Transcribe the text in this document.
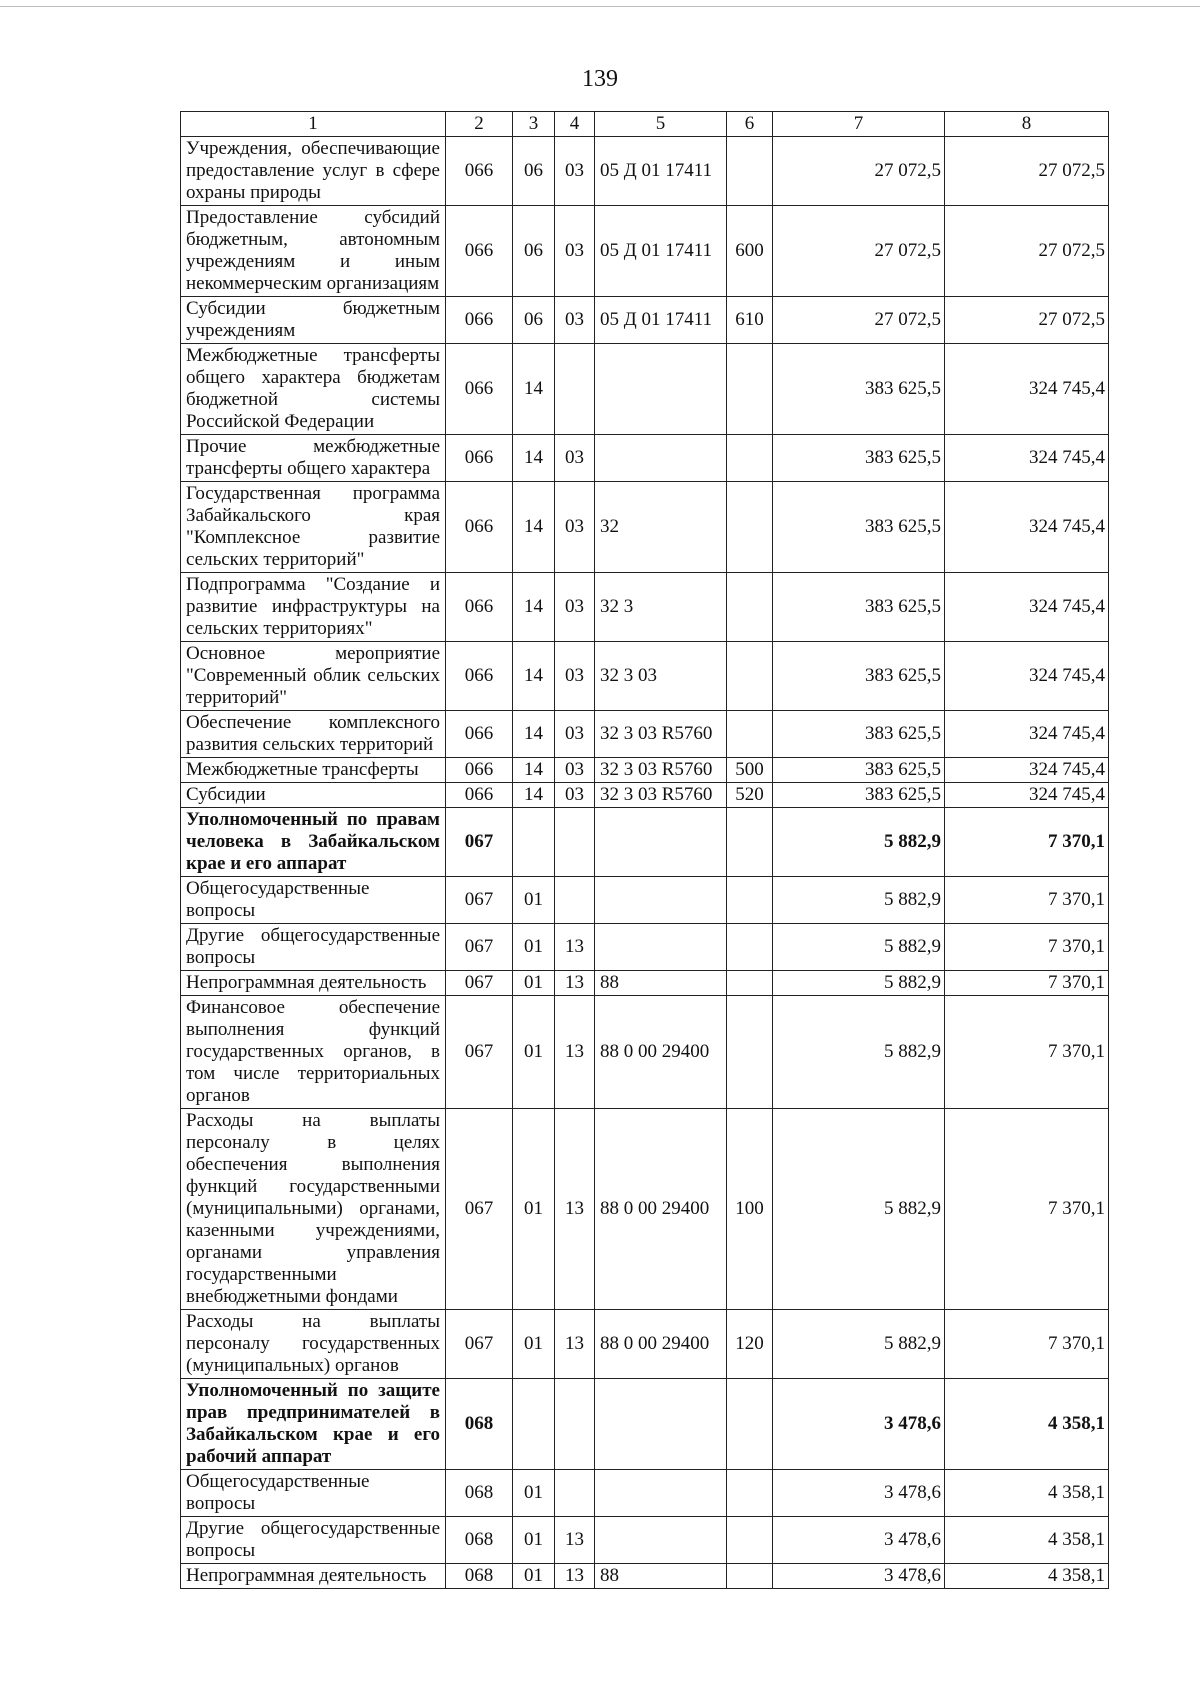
139
1	2	3	4	5	6	7	8
Учреждения, обеспечивающие предоставление услуг в сфере охраны природы	066	06	03	05 Д 01 17411		27 072,5	27 072,5
Предоставление субсидий бюджетным, автономным учреждениям и иным некоммерческим организациям	066	06	03	05 Д 01 17411	600	27 072,5	27 072,5
Субсидии бюджетным учреждениям	066	06	03	05 Д 01 17411	610	27 072,5	27 072,5
Межбюджетные трансферты общего характера бюджетам бюджетной системы Российской Федерации	066	14				383 625,5	324 745,4
Прочие межбюджетные трансферты общего характера	066	14	03			383 625,5	324 745,4
Государственная программа Забайкальского края "Комплексное развитие сельских территорий"	066	14	03	32		383 625,5	324 745,4
Подпрограмма "Создание и развитие инфраструктуры на сельских территориях"	066	14	03	32 3		383 625,5	324 745,4
Основное мероприятие "Современный облик сельских территорий"	066	14	03	32 3 03		383 625,5	324 745,4
Обеспечение комплексного развития сельских территорий	066	14	03	32 3 03 R5760		383 625,5	324 745,4
Межбюджетные трансферты	066	14	03	32 3 03 R5760	500	383 625,5	324 745,4
Субсидии	066	14	03	32 3 03 R5760	520	383 625,5	324 745,4
Уполномоченный по правам человека в Забайкальском крае и его аппарат	067					5 882,9	7 370,1
Общегосударственные вопросы	067	01				5 882,9	7 370,1
Другие общегосударственные вопросы	067	01	13			5 882,9	7 370,1
Непрограммная деятельность	067	01	13	88		5 882,9	7 370,1
Финансовое обеспечение выполнения функций государственных органов, в том числе территориальных органов	067	01	13	88 0 00 29400		5 882,9	7 370,1
Расходы на выплаты персоналу в целях обеспечения выполнения функций государственными (муниципальными) органами, казенными учреждениями, органами управления государственными внебюджетными фондами	067	01	13	88 0 00 29400	100	5 882,9	7 370,1
Расходы на выплаты персоналу государственных (муниципальных) органов	067	01	13	88 0 00 29400	120	5 882,9	7 370,1
Уполномоченный по защите прав предпринимателей в Забайкальском крае и его рабочий аппарат	068					3 478,6	4 358,1
Общегосударственные вопросы	068	01				3 478,6	4 358,1
Другие общегосударственные вопросы	068	01	13			3 478,6	4 358,1
Непрограммная деятельность	068	01	13	88		3 478,6	4 358,1
